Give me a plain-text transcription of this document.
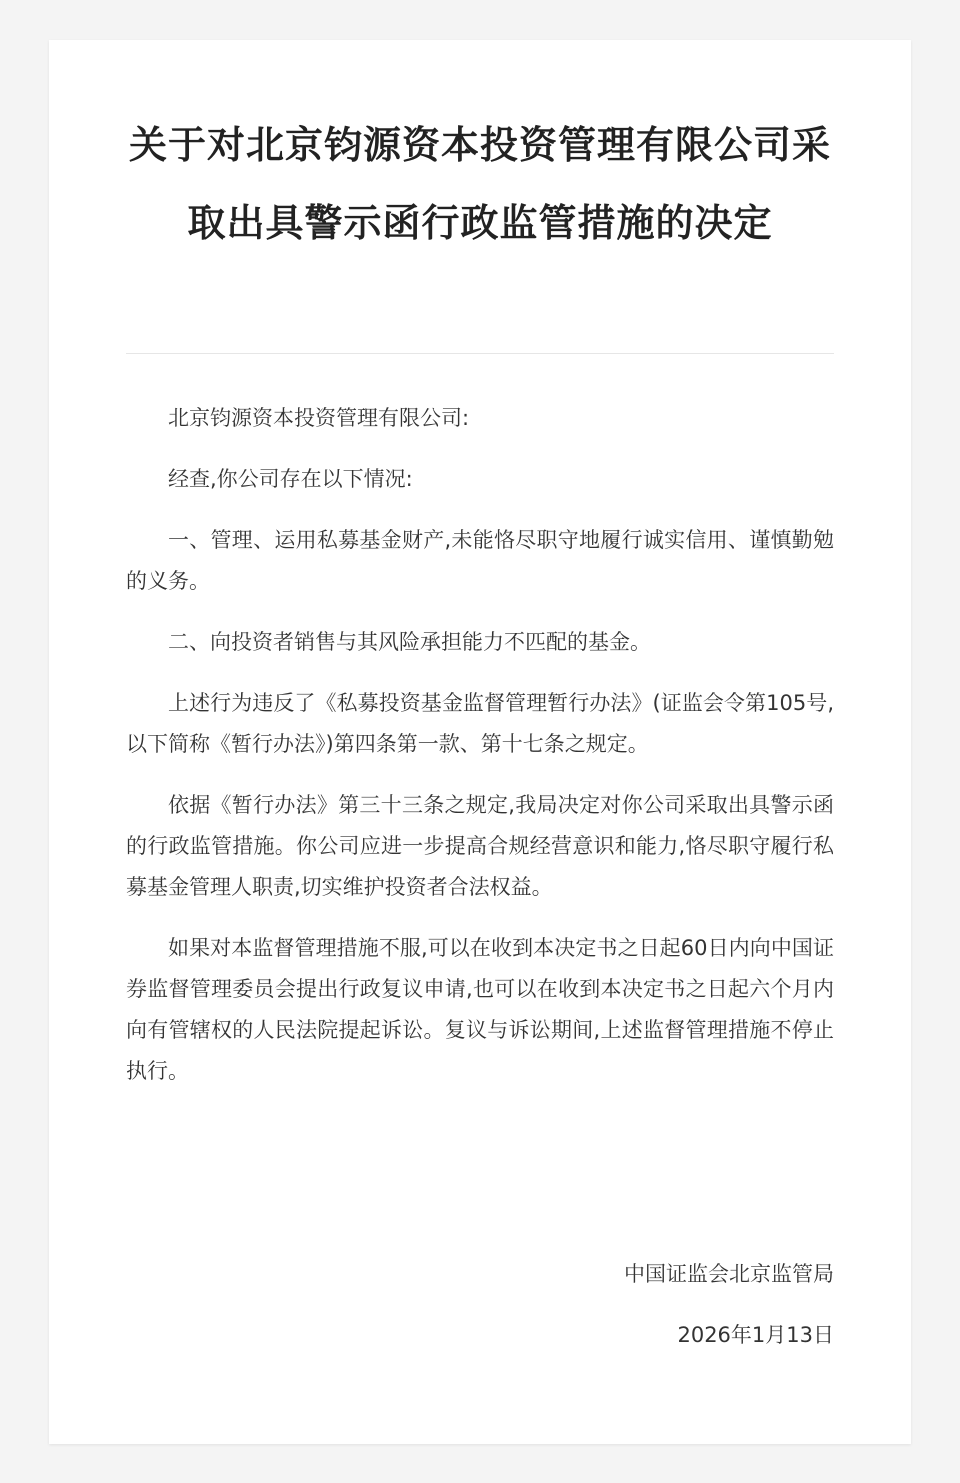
关于对北京钧源资本投资管理有限公司采取出具警示函行政监管措施的决定

北京钧源资本投资管理有限公司:

经查,你公司存在以下情况:

一、管理、运用私募基金财产,未能恪尽职守地履行诚实信用、谨慎勤勉的义务。

二、向投资者销售与其风险承担能力不匹配的基金。

上述行为违反了《私募投资基金监督管理暂行办法》(证监会令第105号,以下简称《暂行办法》)第四条第一款、第十七条之规定。

依据《暂行办法》第三十三条之规定,我局决定对你公司采取出具警示函的行政监管措施。你公司应进一步提高合规经营意识和能力,恪尽职守履行私募基金管理人职责,切实维护投资者合法权益。

如果对本监督管理措施不服,可以在收到本决定书之日起60日内向中国证券监督管理委员会提出行政复议申请,也可以在收到本决定书之日起六个月内向有管辖权的人民法院提起诉讼。复议与诉讼期间,上述监督管理措施不停止执行。

中国证监会北京监管局
2026年1月13日
